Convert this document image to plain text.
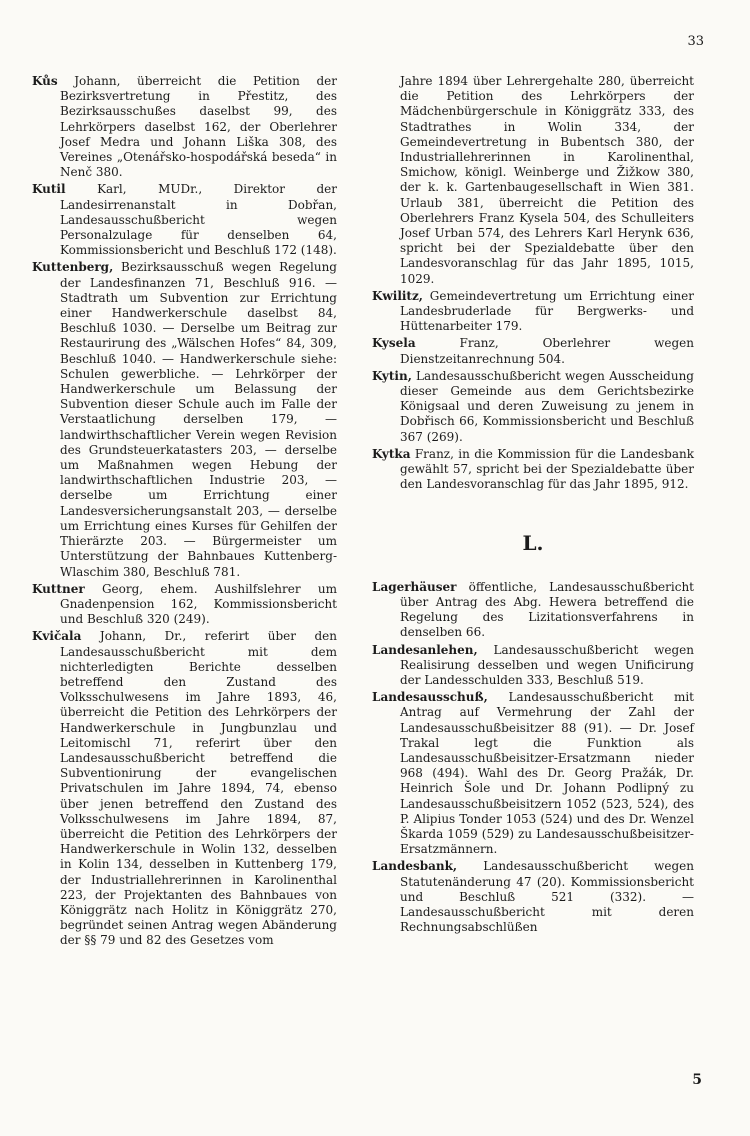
33

Kůs Johann, überreicht die Petition der Bezirksvertretung in Přestitz, des Bezirksausschußes daselbst 99, des Lehrkörpers daselbst 162, der Oberlehrer Josef Medra und Johann Liška 308, des Vereines „Otenářsko-hospodářská beseda“ in Nenč 380.

Kutil	Karl, MUDr., Direktor der Landesirrenanstalt in Dobřan, Landesausschußbericht wegen Personalzulage für denselben 64, Kommissionsbericht und Beschluß 172 (148).

Kuttenberg, Bezirksausschuß wegen Regelung der Landesfinanzen 71, Beschluß 916. — Stadtrath um Subvention zur Errichtung einer Handwerkerschule daselbst 84, Beschluß 1030. — Derselbe um Beitrag zur Restaurirung des „Wälschen Hofes“ 84, 309, Beschluß 1040. — Handwerkerschule siehe: Schulen gewerbliche. — Lehrkörper der Handwerkerschule um Belassung der Subvention dieser Schule auch im Falle der Verstaatlichung derselben 179, — landwirthschaftlicher Verein wegen Revision des Grundsteuerkatasters 203, — derselbe um Maßnahmen wegen Hebung der landwirthschaftlichen Industrie 203, — derselbe um Errichtung einer Landesversicherungsanstalt 203, — derselbe um Errichtung eines Kurses für Gehilfen der Thierärzte 203. — Bürgermeister um Unterstützung der Bahnbaues Kuttenberg-Wlaschim 380, Beschluß 781.

Kuttner Georg, ehem. Aushilfslehrer um Gnadenpension 162, Kommissionsbericht und Beschluß 320 (249).

Kvičala Johann, Dr., referirt über den Landesausschußbericht mit dem nichterledigten Berichte desselben betreffend den Zustand des Volksschulwesens im Jahre 1893, 46, überreicht die Petition des Lehrkörpers der Handwerkerschule in Jungbunzlau und Leitomischl 71, referirt über den Landesausschußbericht betreffend die Subventionirung der evangelischen Privatschulen im Jahre 1894, 74, ebenso über jenen betreffend den Zustand des Volksschulwesens im Jahre 1894, 87, überreicht die Petition des Lehrkörpers der Handwerkerschule in Wolin 132, desselben in Kolin 134, desselben in Kuttenberg 179, der Industriallehrerinnen in Karolinenthal 223, der Projektanten des Bahnbaues von Königgrätz nach Holitz in Königgrätz 270, begründet seinen Antrag wegen Abänderung der §§ 79 und 82 des Gesetzes vom

Jahre 1894 über Lehrergehalte 280, überreicht die Petition des Lehrkörpers der Mädchenbürgerschule in Königgrätz 333, des Stadtrathes in Wolin 334, der Gemeindevertretung in Bubentsch 380, der Industriallehrerinnen in Karolinenthal, Smichow, königl. Weinberge und Žižkow 380, der k. k. Gartenbaugesellschaft in Wien 381. Urlaub 381, überreicht die Petition des Oberlehrers Franz Kysela 504, des Schulleiters Josef Urban 574, des Lehrers Karl Herynk 636, spricht bei der Spezialdebatte über den Landesvoranschlag für das Jahr 1895, 1015, 1029.

Kwilitz, Gemeindevertretung um Errichtung einer Landesbruderlade für Bergwerks- und Hüttenarbeiter 179.

Kysela	Franz, Oberlehrer wegen Dienstzeitanrechnung 504.

Kytin, Landesausschußbericht wegen Ausscheidung dieser Gemeinde aus dem Gerichtsbezirke Königsaal und deren Zuweisung zu jenem in Dobřisch 66, Kommissionsbericht und Beschluß 367 (269).

Kytka Franz, in die Kommission für die Landesbank gewählt 57, spricht bei der Spezialdebatte über den Landesvoranschlag für das Jahr 1895, 912.

L.

Lagerhäuser öffentliche, Landesausschußbericht über Antrag des Abg. Hewera betreffend die Regelung des Lizitationsverfahrens in denselben 66.

Landesanlehen, Landesausschußbericht wegen Realisirung desselben und wegen Unificirung der Landesschulden 333, Beschluß 519.

Landesausschuß, Landesausschußbericht mit Antrag auf Vermehrung der Zahl der Landesausschußbeisitzer 88 (91). — Dr. Josef Trakal legt die Funktion als Landesausschußbeisitzer-Ersatzmann nieder 968 (494). Wahl des Dr. Georg Pražák, Dr. Heinrich Šole und Dr. Johann Podlipný zu Landesausschußbeisitzern 1052 (523, 524), des P. Alipius Tonder 1053 (524) und des Dr. Wenzel Škarda 1059 (529) zu Landesausschußbeisitzer-Ersatzmännern.

Landesbank, Landesausschußbericht wegen Statutenänderung 47 (20). Kommissionsbericht und Beschluß 521 (332). — Landesausschußbericht mit deren Rechnungsabschlüßen

5
